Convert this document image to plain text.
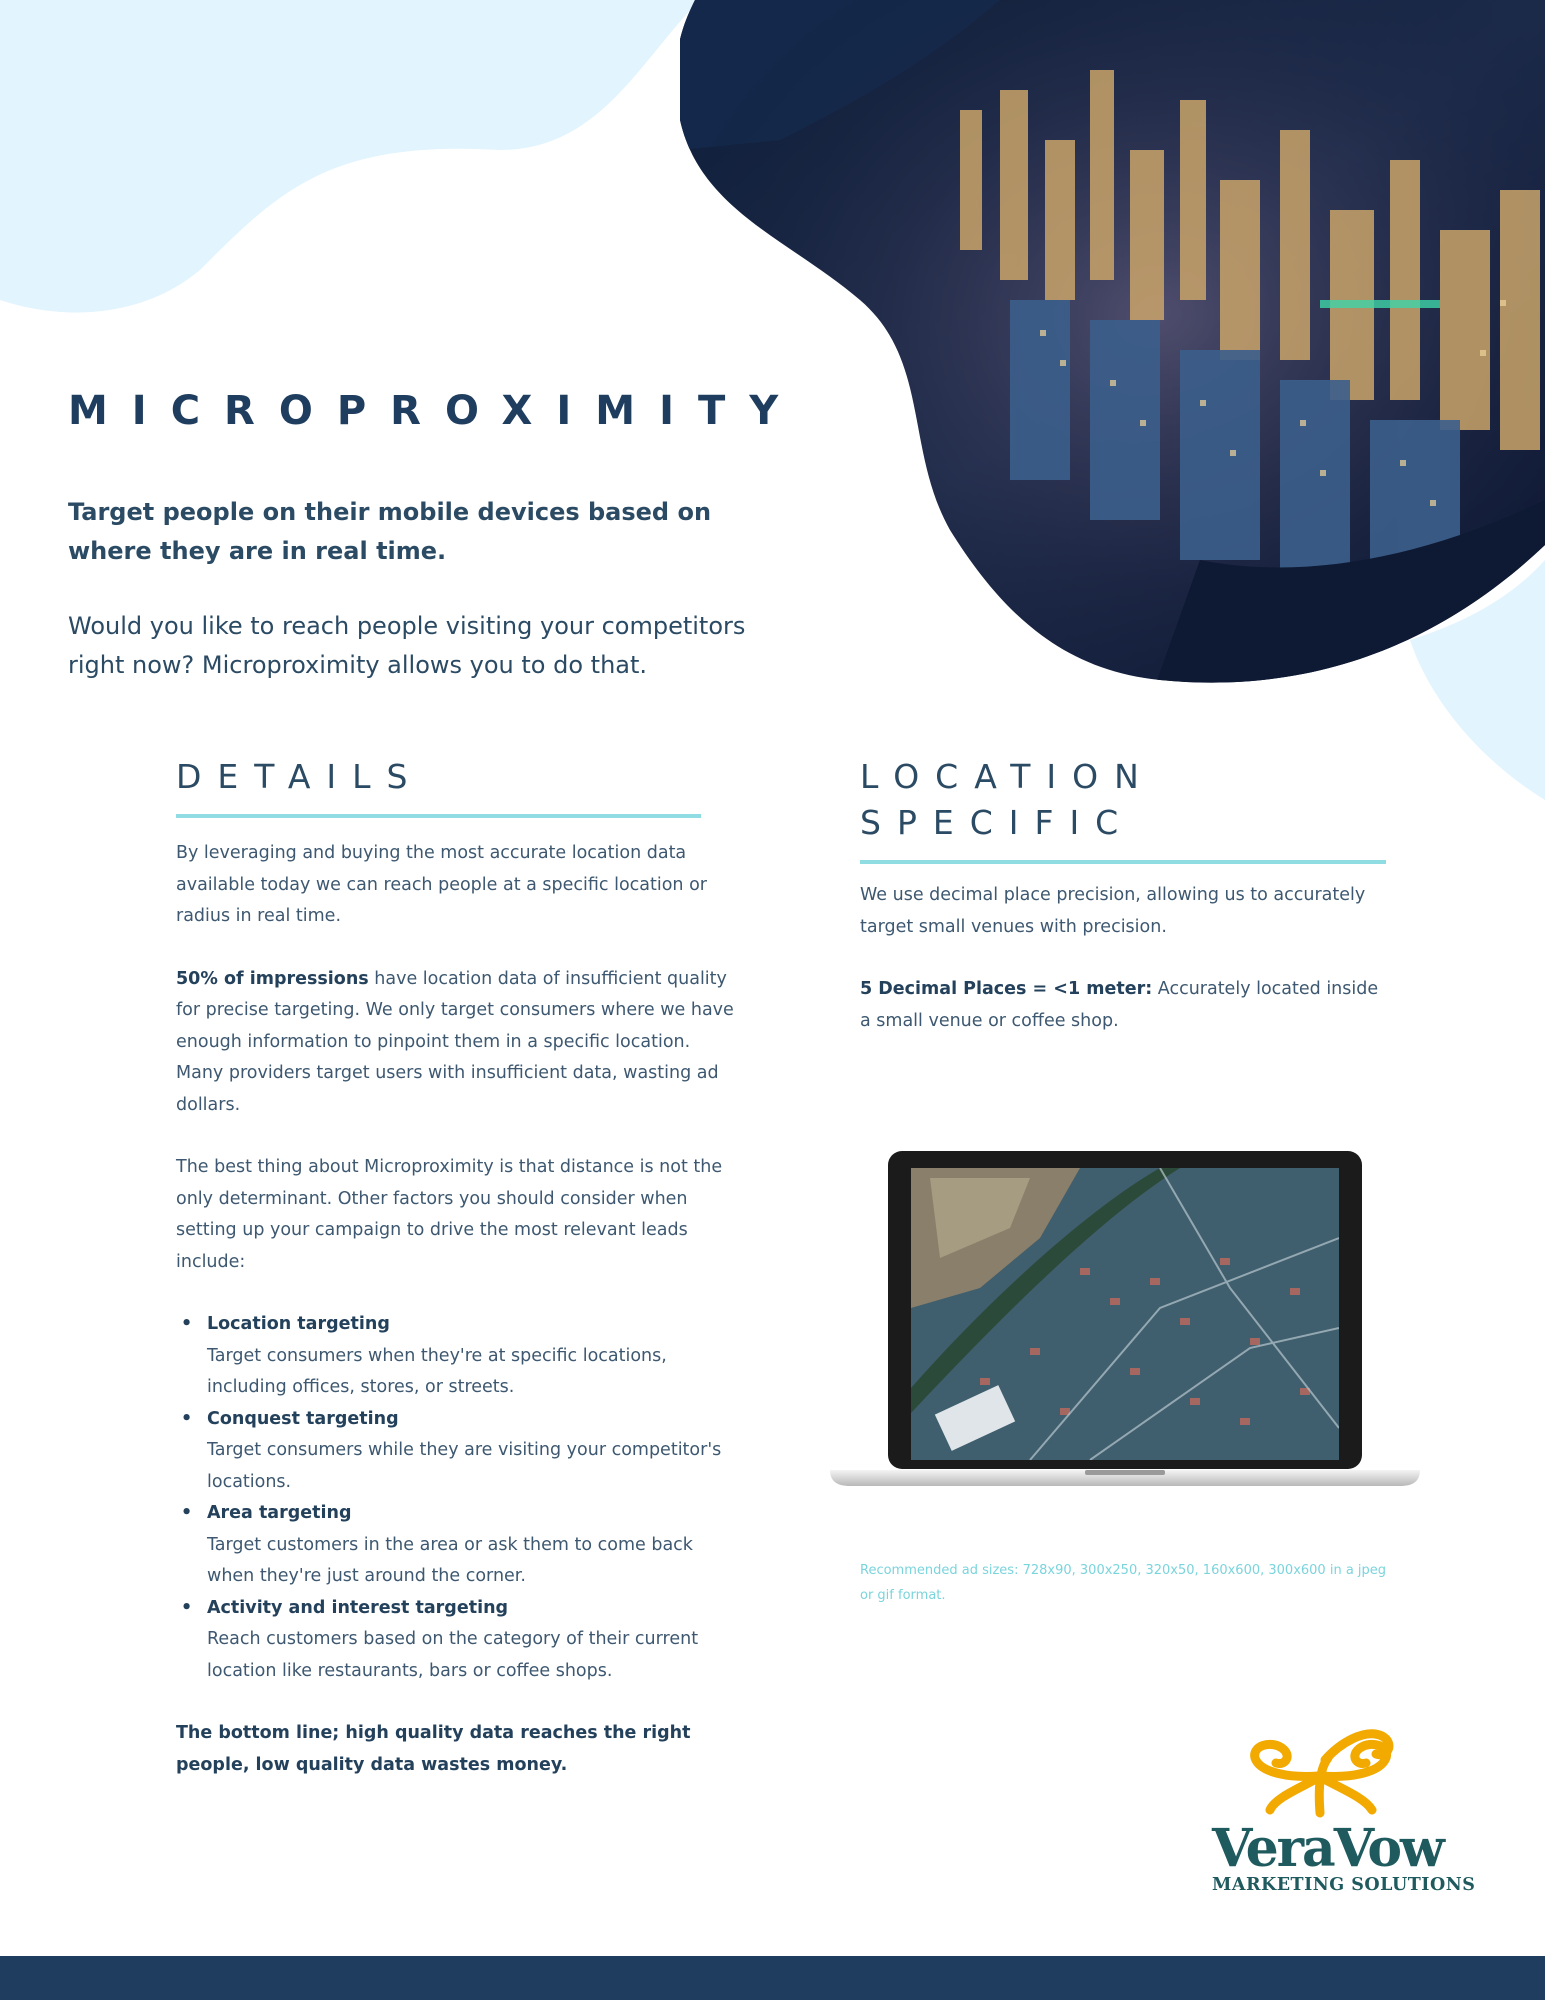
MICROPROXIMITY
Target people on their mobile devices based on where they are in real time.
Would you like to reach people visiting your competitors right now? Microproximity allows you to do that.
DETAILS

By leveraging and buying the most accurate location data available today we can reach people at a specific location or radius in real time.

50% of impressions have location data of insufficient quality for precise targeting. We only target consumers where we have enough information to pinpoint them in a specific location. Many providers target users with insufficient data, wasting ad dollars.

The best thing about Microproximity is that distance is not the only determinant. Other factors you should consider when setting up your campaign to drive the most relevant leads include:

• Location targeting
Target consumers when they're at specific locations, including offices, stores, or streets.
• Conquest targeting
Target consumers while they are visiting your competitor's locations.
• Area targeting
Target customers in the area or ask them to come back when they're just around the corner.
• Activity and interest targeting
Reach customers based on the category of their current location like restaurants, bars or coffee shops.

The bottom line; high quality data reaches the right people, low quality data wastes money.

LOCATION
SPECIFIC

We use decimal place precision, allowing us to accurately target small venues with precision.

5 Decimal Places = <1 meter: Accurately located inside a small venue or coffee shop.

Recommended ad sizes: 728x90, 300x250, 320x50, 160x600, 300x600 in a jpeg or gif format.
VeraVow
MARKETING SOLUTIONS
